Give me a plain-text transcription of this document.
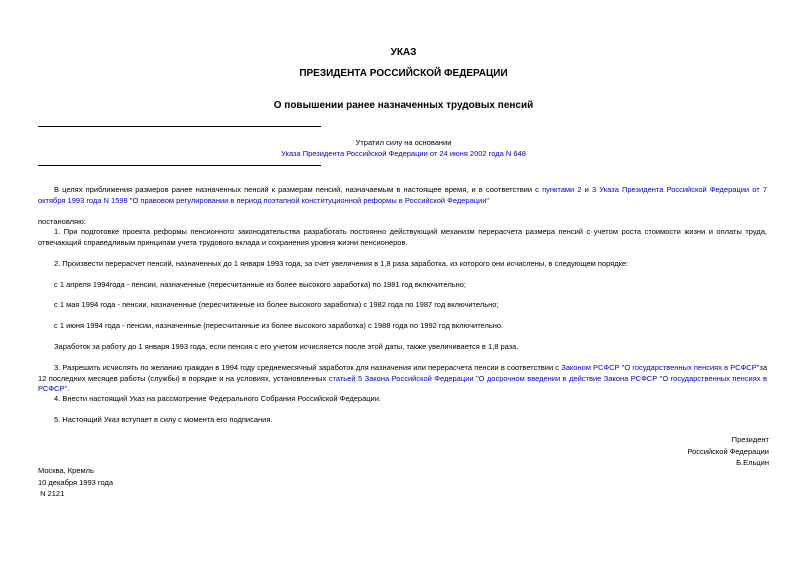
УКАЗ
ПРЕЗИДЕНТА РОССИЙСКОЙ ФЕДЕРАЦИИ
О повышении ранее назначенных трудовых пенсий
Утратил силу на основании
Указа Президента Российской Федерации от 24 июня 2002 года N 648
В целях приближения размеров ранее назначенных пенсий к размерам пенсий, назначаемым в настоящее время, и в соответствии с пунктами 2 и 3 Указа Президента Российской Федерации от 7 октября 1993 года N 1598 "О правовом регулировании в период поэтапной конституционной реформы в Российской Федерации"
постановляю:
1. При подготовке проекта реформы пенсионного законодательства разработать постоянно действующий механизм перерасчета размера пенсий с учетом роста стоимости жизни и оплаты труда, отвечающий справедливым принципам учета трудового вклада и сохранения уровня жизни пенсионеров.
2. Произвести перерасчет пенсий, назначенных до 1 января 1993 года, за счет увеличения в 1,8 раза заработка, из которого они исчислены, в следующем порядке:
с 1 апреля 1994года - пенсии, назначенные (пересчитанные из более высокого заработка) по 1981 год включительно;
с 1 мая 1994 года - пенсии, назначенные (пересчитанные из более высокого заработка) с 1982 года по 1987 год включительно;
с 1 июня 1994 года - пенсии, назначенные (пересчитанные из более высокого заработка) с 1988 года по 1992 год включительно.
Заработок за работу до 1 января 1993 года, если пенсия с его учетом исчисляется после этой даты, также увеличивается в 1,8 раза.
3. Разрешить исчислять по желанию граждан в 1994 году среднемесячный заработок для назначения или перерасчета пенсии в соответствии с Законом РСФСР "О государственных пенсиях в РСФСР"за 12 последних месяцев работы (службы) в порядке и на условиях, установленных статьей 5 Закона Российской Федерации "О досрочном введении в действие Закона РСФСР "О государственных пенсиях в РСФСР".
4. Внести настоящий Указ на рассмотрение Федерального Собрания Российской Федерации.
5. Настоящий Указ вступает в силу с момента его подписания.
Президент
Российской Федерации
Б.Ельцин
Москва, Кремль
10 декабря 1993 года
N 2121
